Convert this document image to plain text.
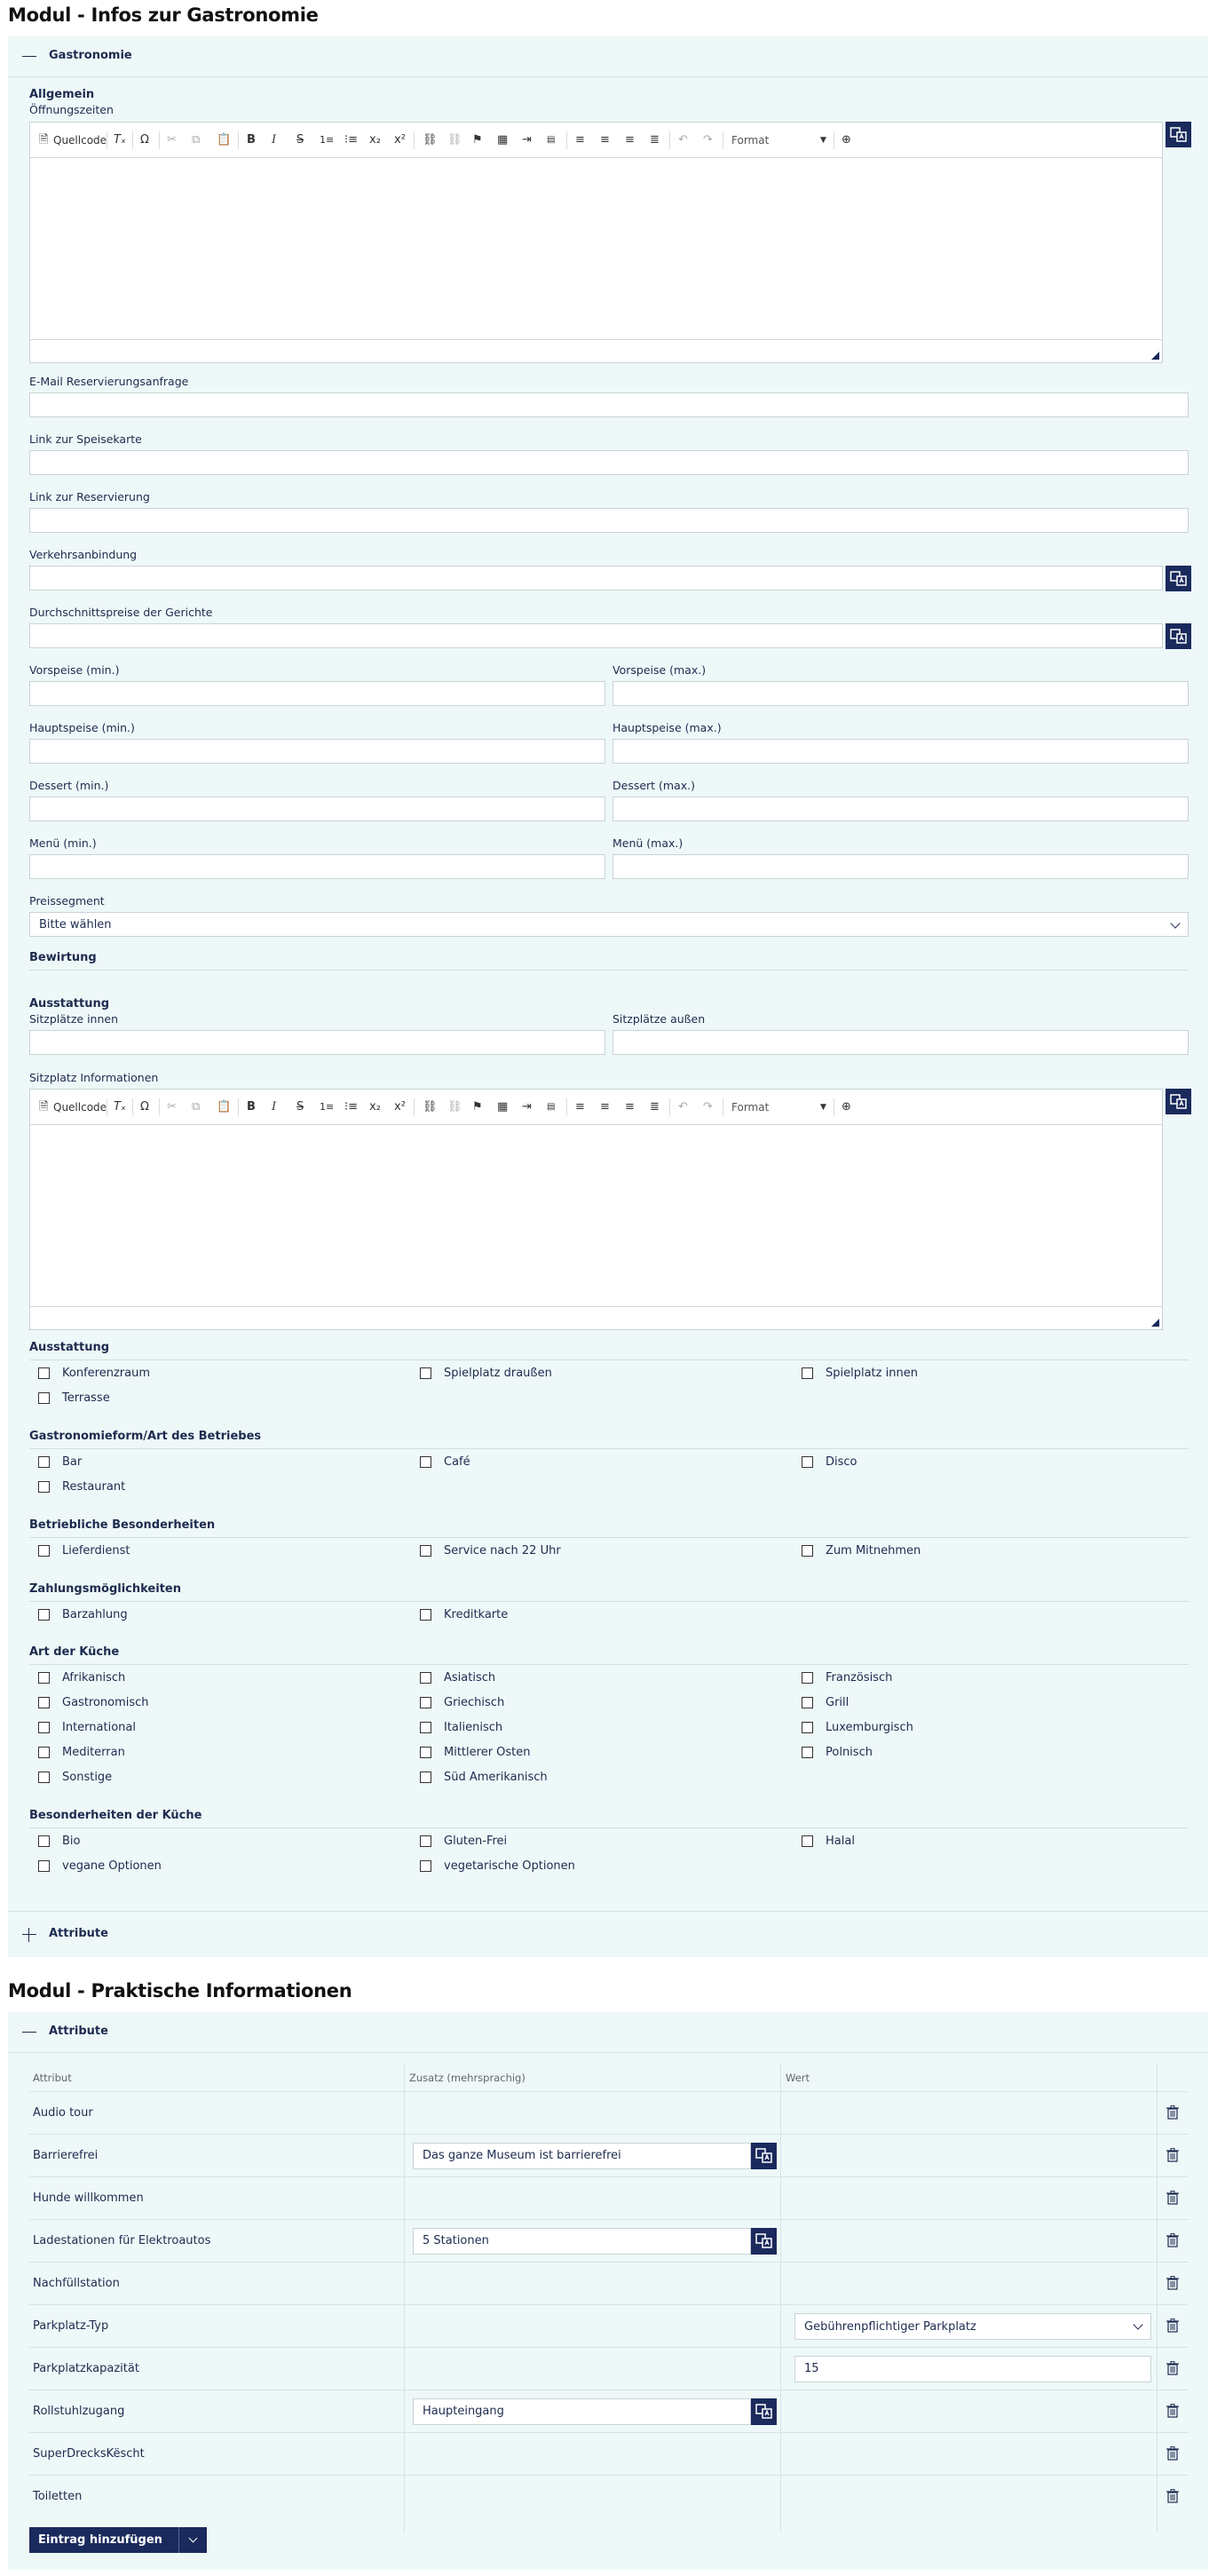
Modul - Infos zur Gastronomie
Gastronomie
Allgemein
Öffnungszeiten
🗎 Quellcode Tₓ Ω ✂ ⧉ 📋 B I S 1≡ ⁝≡ x₂ x² ⛓ ⛓ ⚑ ▦ ⇥ ▤ ≡ ≡ ≡ ≣ ↶ ↷ Format	▼ ⊕
E-Mail Reservierungsanfrage
Link zur Speisekarte
Link zur Reservierung
Verkehrsanbindung
Durchschnittspreise der Gerichte
Vorspeise (min.)	Vorspeise (max.)
Hauptspeise (min.)	Hauptspeise (max.)
Dessert (min.)	Dessert (max.)
Menü (min.)	Menü (max.)
Preissegment
Bitte wählen
Bewirtung
Ausstattung
Sitzplätze innen	Sitzplätze außen
Sitzplatz Informationen
🗎 Quellcode Tₓ Ω ✂ ⧉ 📋 B I S 1≡ ⁝≡ x₂ x² ⛓ ⛓ ⚑ ▦ ⇥ ▤ ≡ ≡ ≡ ≣ ↶ ↷ Format	▼ ⊕
Ausstattung
Konferenzraum	Spielplatz draußen	Spielplatz innen
Terrasse
Gastronomieform/Art des Betriebes
Bar	Café	Disco
Restaurant
Betriebliche Besonderheiten
Lieferdienst	Service nach 22 Uhr	Zum Mitnehmen
Zahlungsmöglichkeiten
Barzahlung	Kreditkarte
Art der Küche
Afrikanisch	Asiatisch	Französisch
Gastronomisch	Griechisch	Grill
International	Italienisch	Luxemburgisch
Mediterran	Mittlerer Osten	Polnisch
Sonstige	Süd Amerikanisch
Besonderheiten der Küche
Bio	Gluten-Frei	Halal
vegane Optionen	vegetarische Optionen
Attribute
Modul - Praktische Informationen
Attribute
Attribut	Zusatz (mehrsprachig)	Wert
Audio tour
Barrierefrei	Das ganze Museum ist barrierefrei
Hunde willkommen
Ladestationen für Elektroautos	5 Stationen
Nachfüllstation
Parkplatz-Typ	Gebührenpflichtiger Parkplatz
Parkplatzkapazität	15
Rollstuhlzugang	Haupteingang
SuperDrecksKëscht
Toiletten
Eintrag hinzufügen
